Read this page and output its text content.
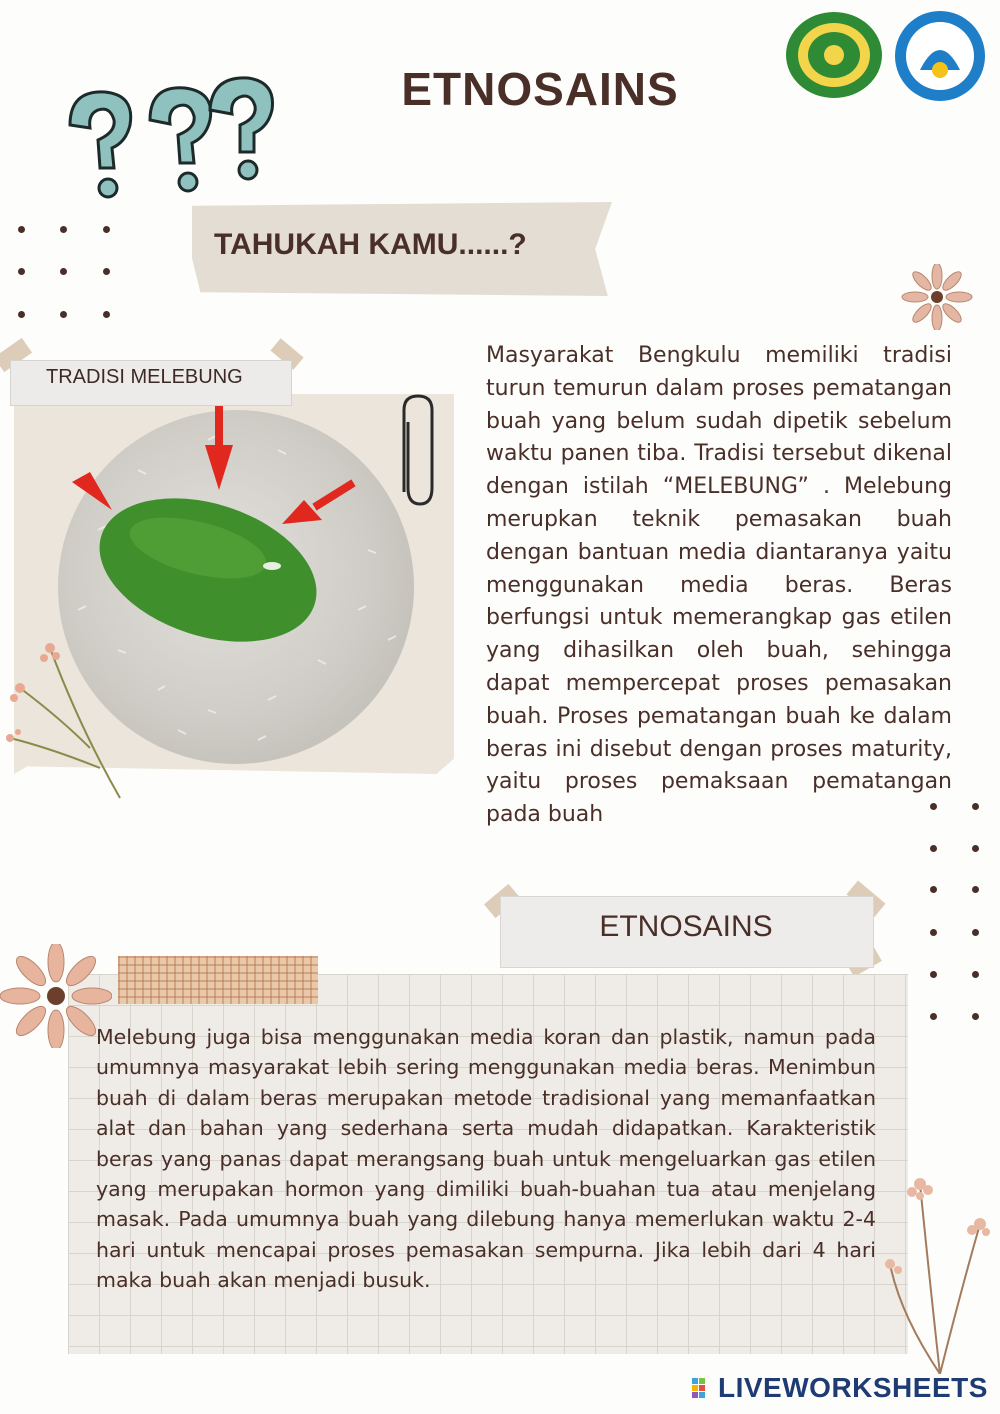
ETNOSAINS
TAHUKAH KAMU......?
TRADISI MELEBUNG
Masyarakat Bengkulu memiliki tradisi turun temurun dalam proses pematangan buah yang belum sudah dipetik sebelum waktu panen tiba. Tradisi tersebut dikenal dengan istilah “MELEBUNG” . Melebung merupkan teknik pemasakan buah dengan bantuan media diantaranya yaitu menggunakan media beras. Beras berfungsi untuk memerangkap gas etilen yang dihasilkan oleh buah, sehingga dapat mempercepat proses pemasakan buah. Proses pematangan buah ke dalam beras ini disebut dengan proses maturity, yaitu proses pemaksaan pematangan pada buah
ETNOSAINS
Melebung juga bisa menggunakan media koran dan plastik, namun pada umumnya masyarakat lebih sering menggunakan media beras. Menimbun buah di dalam beras merupakan metode tradisional yang memanfaatkan alat dan bahan yang sederhana serta mudah didapatkan. Karakteristik beras yang panas dapat merangsang buah untuk mengeluarkan gas etilen yang merupakan hormon yang dimiliki buah-buahan tua atau menjelang masak. Pada umumnya buah yang dilebung hanya memerlukan waktu 2-4 hari untuk mencapai proses pemasakan sempurna. Jika lebih dari 4 hari maka buah akan menjadi busuk.
LIVEWORKSHEETS
